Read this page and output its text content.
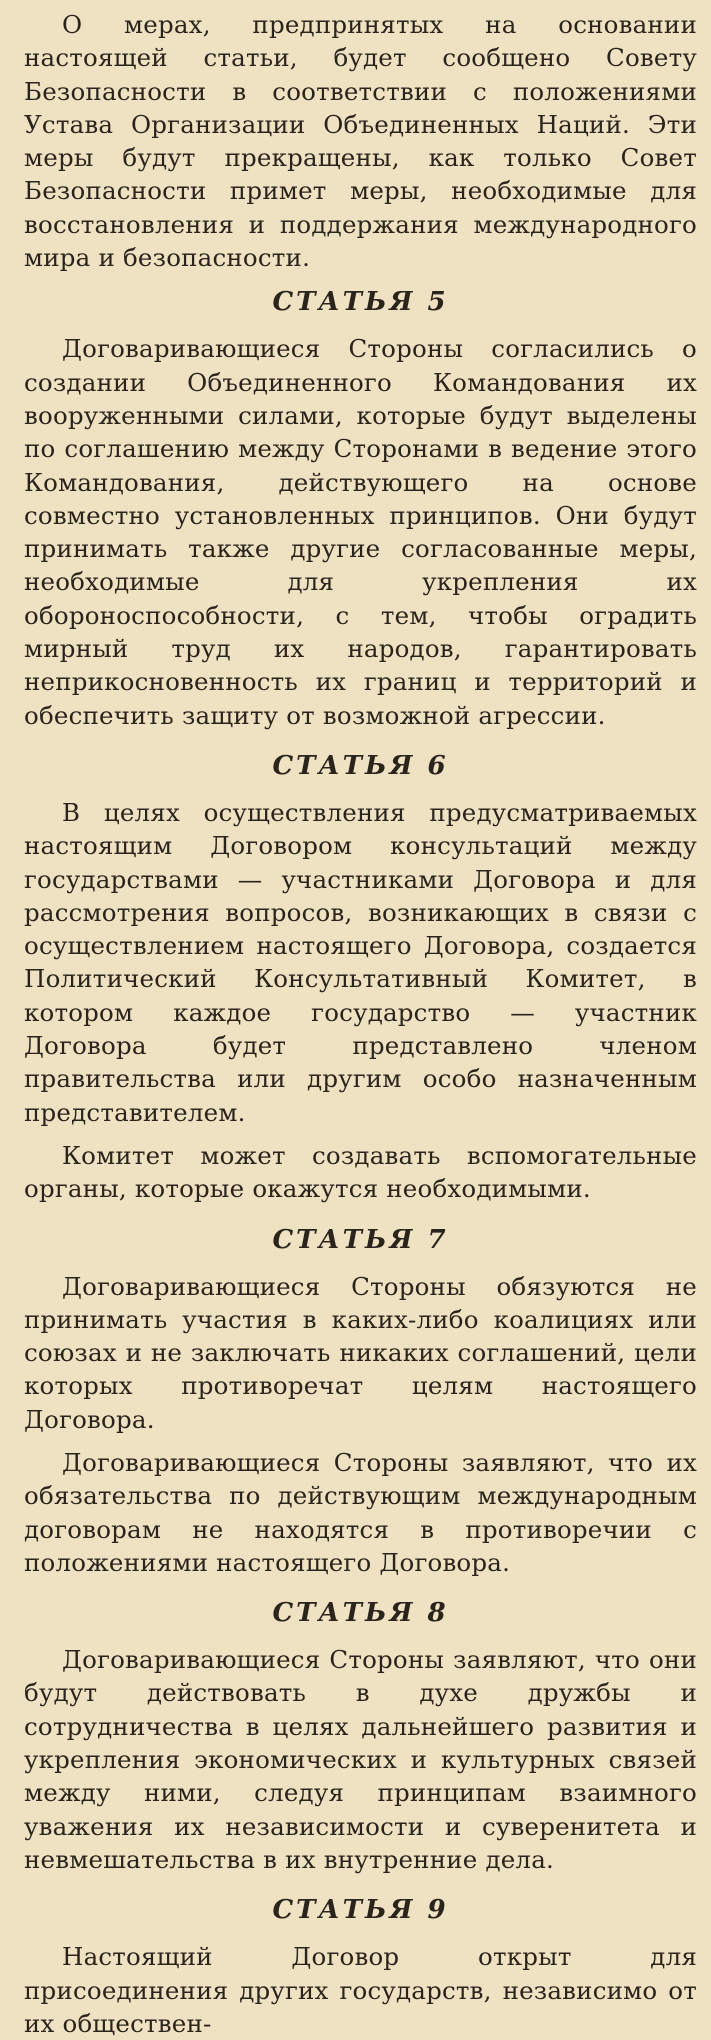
О мерах, предпринятых на основании настоящей статьи, будет сообщено Совету Безопасности в соответствии с положениями Устава Организации Объединенных Наций. Эти меры будут прекращены, как только Совет Безопасности примет меры, необходимые для восстановления и поддержания международного мира и безопасности.

СТАТЬЯ 5

Договаривающиеся Стороны согласились о создании Объединенного Командования их вооруженными силами, которые будут выделены по соглашению между Сторонами в ведение этого Командования, действующего на основе совместно установленных принципов. Они будут принимать также другие согласованные меры, необходимые для укрепления их обороноспособности, с тем, чтобы оградить мирный труд их народов, гарантировать неприкосновенность их границ и территорий и обеспечить защиту от возможной агрессии.

СТАТЬЯ 6

В целях осуществления предусматриваемых настоящим Договором консультаций между государствами — участниками Договора и для рассмотрения вопросов, возникающих в связи с осуществлением настоящего Договора, создается Политический Консультативный Комитет, в котором каждое государство — участник Договора будет представлено членом правительства или другим особо назначенным представителем.

Комитет может создавать вспомогательные органы, которые окажутся необходимыми.

СТАТЬЯ 7

Договаривающиеся Стороны обязуются не принимать участия в каких-либо коалициях или союзах и не заключать никаких соглашений, цели которых противоречат целям настоящего Договора.

Договаривающиеся Стороны заявляют, что их обязательства по действующим международным договорам не находятся в противоречии с положениями настоящего Договора.

СТАТЬЯ 8

Договаривающиеся Стороны заявляют, что они будут действовать в духе дружбы и сотрудничества в целях дальнейшего развития и укрепления экономических и культурных связей между ними, следуя принципам взаимного уважения их независимости и суверенитета и невмешательства в их внутренние дела.

СТАТЬЯ 9

Настоящий Договор открыт для присоединения других государств, независимо от их обществен-
